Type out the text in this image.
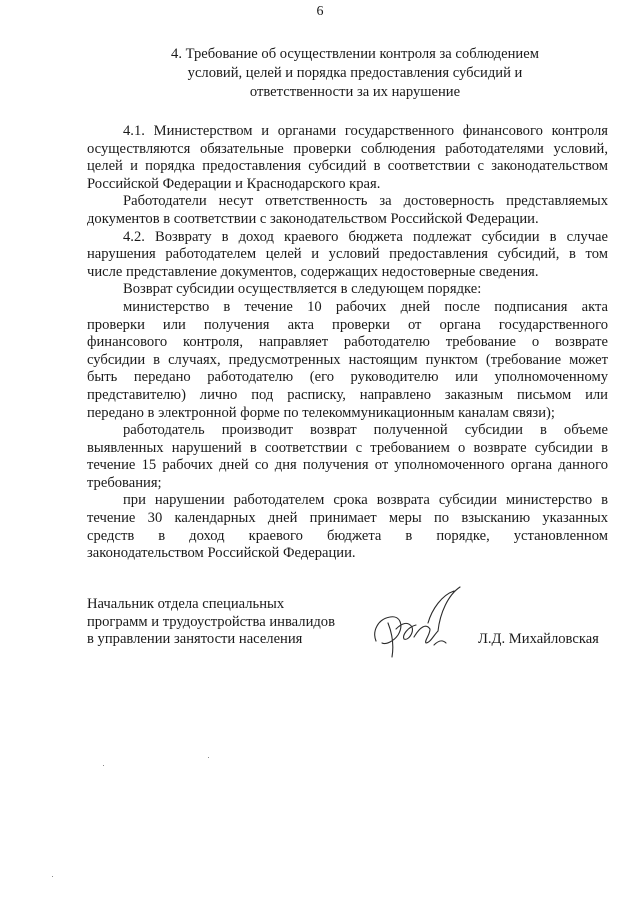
6
4. Требование об осуществлении контроля за соблюдением
условий, целей и порядка предоставления субсидий и
ответственности за их нарушение
4.1. Министерством и органами государственного финансового контроля
осуществляются обязательные проверки соблюдения работодателями условий,
целей и порядка предоставления субсидий в соответствии с законодательством
Российской Федерации и Краснодарского края.
Работодатели несут ответственность за достоверность представляемых
документов в соответствии с законодательством Российской Федерации.
4.2. Возврату в доход краевого бюджета подлежат субсидии в случае
нарушения работодателем целей и условий предоставления субсидий, в том
числе представление документов, содержащих недостоверные сведения.
Возврат субсидии осуществляется в следующем порядке:
министерство в течение 10 рабочих дней после подписания акта
проверки или получения акта проверки от органа государственного
финансового контроля, направляет работодателю требование о возврате
субсидии в случаях, предусмотренных настоящим пунктом (требование может
быть передано работодателю (его руководителю или уполномоченному
представителю) лично под расписку, направлено заказным письмом или
передано в электронной форме по телекоммуникационным каналам связи);
работодатель производит возврат полученной субсидии в объеме
выявленных нарушений в соответствии с требованием о возврате субсидии в
течение 15 рабочих дней со дня получения от уполномоченного органа данного
требования;
при нарушении работодателем срока возврата субсидии министерство в
течение 30 календарных дней принимает меры по взысканию указанных
средств в доход краевого бюджета в порядке, установленном
законодательством Российской Федерации.
Начальник отдела специальных
программ и трудоустройства инвалидов
в управлении занятости населения	Л.Д. Михайловская
